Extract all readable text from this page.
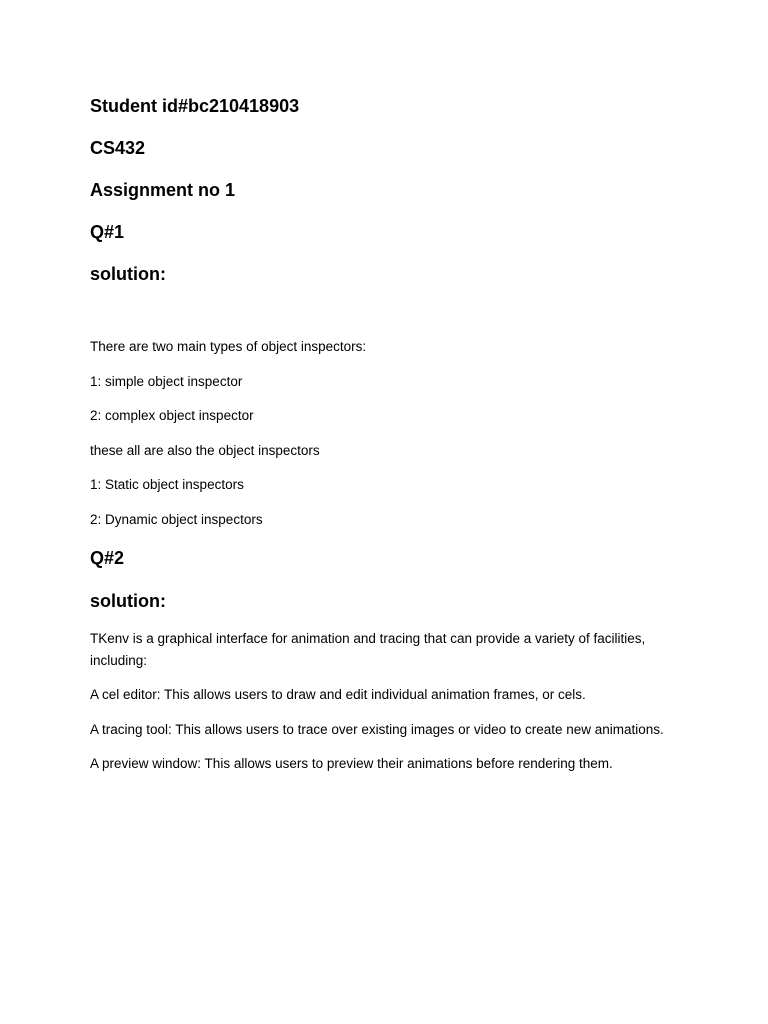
Student id#bc210418903

CS432

Assignment no 1

Q#1

solution:

There are two main types of object inspectors:

1: simple object inspector

2: complex object inspector

these all are also the object inspectors

1: Static object inspectors

2: Dynamic object inspectors

Q#2

solution:

TKenv is a graphical interface for animation and tracing that can provide a variety of facilities, including:

A cel editor: This allows users to draw and edit individual animation frames, or cels.

A tracing tool: This allows users to trace over existing images or video to create new animations.

A preview window: This allows users to preview their animations before rendering them.
